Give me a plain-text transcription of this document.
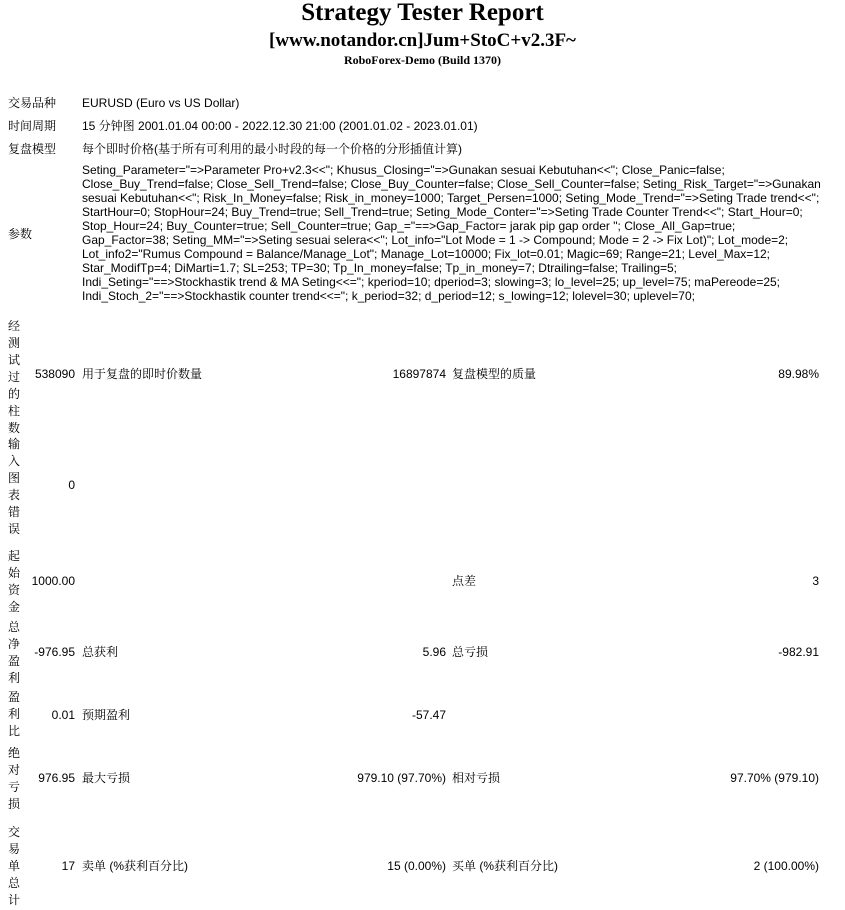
Strategy Tester Report
[www.notandor.cn]Jum+StoC+v2.3F~
RoboForex-Demo (Build 1370)
交易品种 EURUSD (Euro vs US Dollar)
时间周期 15 分钟图 2001.01.04 00:00 - 2022.12.30 21:00 (2001.01.02 - 2023.01.01)
复盘模型 每个即时价格(基于所有可利用的最小时段的每一个价格的分形插值计算)
参数
Seting_Parameter="=>Parameter Pro+v2.3<<"; Khusus_Closing="=>Gunakan sesuai Kebutuhan<<"; Close_Panic=false; Close_Buy_Trend=false; Close_Sell_Trend=false; Close_Buy_Counter=false; Close_Sell_Counter=false; Seting_Risk_Target="=>Gunakan sesuai Kebutuhan<<"; Risk_In_Money=false; Risk_in_money=1000; Target_Persen=1000; Seting_Mode_Trend="=>Seting Trade trend<<"; StartHour=0; StopHour=24; Buy_Trend=true; Sell_Trend=true; Seting_Mode_Conter="=>Seting Trade Counter Trend<<"; Start_Hour=0; Stop_Hour=24; Buy_Counter=true; Sell_Counter=true; Gap_="==>Gap_Factor= jarak pip gap order "; Close_All_Gap=true; Gap_Factor=38; Seting_MM="=>Seting sesuai selera<<"; Lot_info="Lot Mode = 1 -> Compound; Mode = 2 -> Fix Lot)"; Lot_mode=2; Lot_info2="Rumus Compound = Balance/Manage_Lot"; Manage_Lot=10000; Fix_lot=0.01; Magic=69; Range=21; Level_Max=12; Star_ModifTp=4; DiMarti=1.7; SL=253; TP=30; Tp_In_money=false; Tp_in_money=7; Dtrailing=false; Trailing=5; Indi_Seting="==>Stockhastik trend & MA Seting<<="; kperiod=10; dperiod=3; slowing=3; lo_level=25; up_level=75; maPereode=25; Indi_Stoch_2="==>Stockhastik counter trend<<="; k_period=32; d_period=12; s_lowing=12; lolevel=30; uplevel=70;
经测试过的柱数
538090 用于复盘的即时价数量	16897874 复盘模型的质量	89.98%
输入图表错误
0
起始资金
1000.00	点差	3
总净盈利
-976.95 总获利	5.96 总亏损	-982.91
盈利比
0.01 预期盈利	-57.47
绝对亏损
976.95 最大亏损	979.10 (97.70%) 相对亏损	97.70% (979.10)
交易单总计
17 卖单 (%获利百分比)	15 (0.00%) 买单 (%获利百分比)	2 (100.00%)
